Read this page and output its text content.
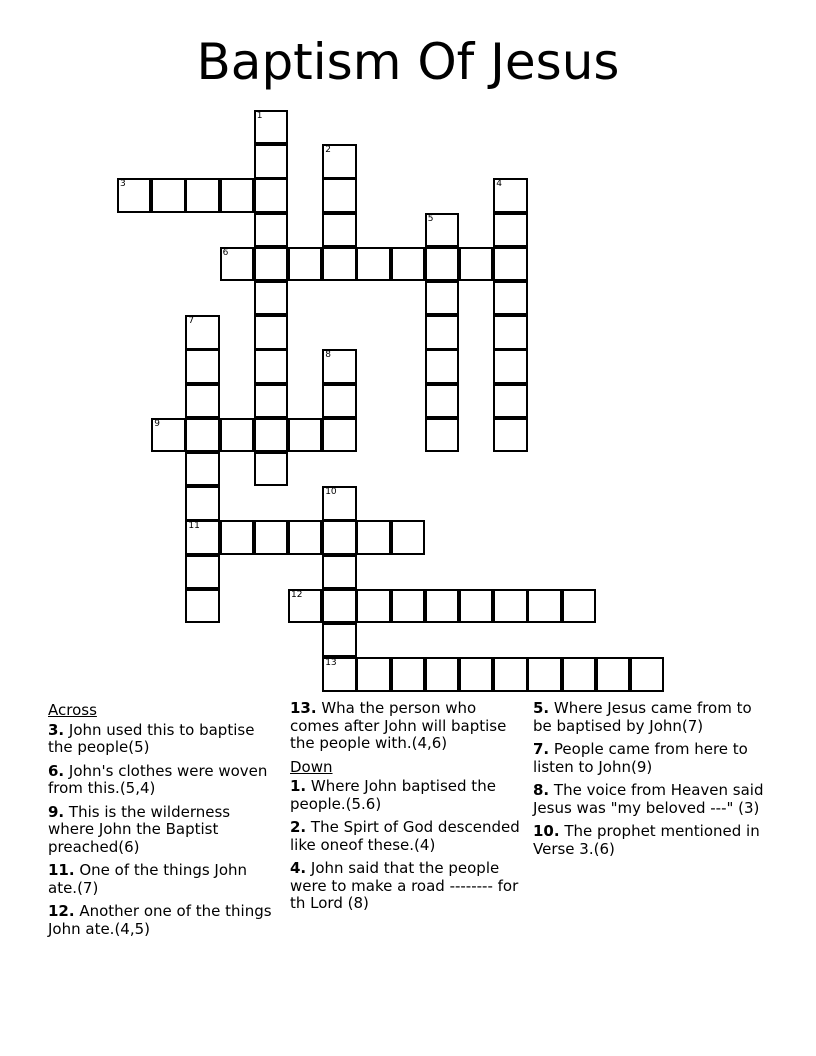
Baptism Of Jesus
3
6
9
11
12
13
1
2
4
5
7
8
10
Across
3. John used this to baptise the people(5)
6. John's clothes were woven from this.(5,4)
9. This is the wilderness where John the Baptist preached(6)
11. One of the things John ate.(7)
12. Another one of the things John ate.(4,5)
13. Wha the person who comes after John will baptise the people with.(4,6)
Down
1. Where John baptised the people.(5.6)
2. The Spirt of God descended like oneof these.(4)
4. John said that the people were to make a road -------- for th Lord (8)
5. Where Jesus came from to be baptised by John(7)
7. People came from here to listen to John(9)
8. The voice from Heaven said Jesus was "my beloved ---" (3)
10. The prophet mentioned in Verse 3.(6)
